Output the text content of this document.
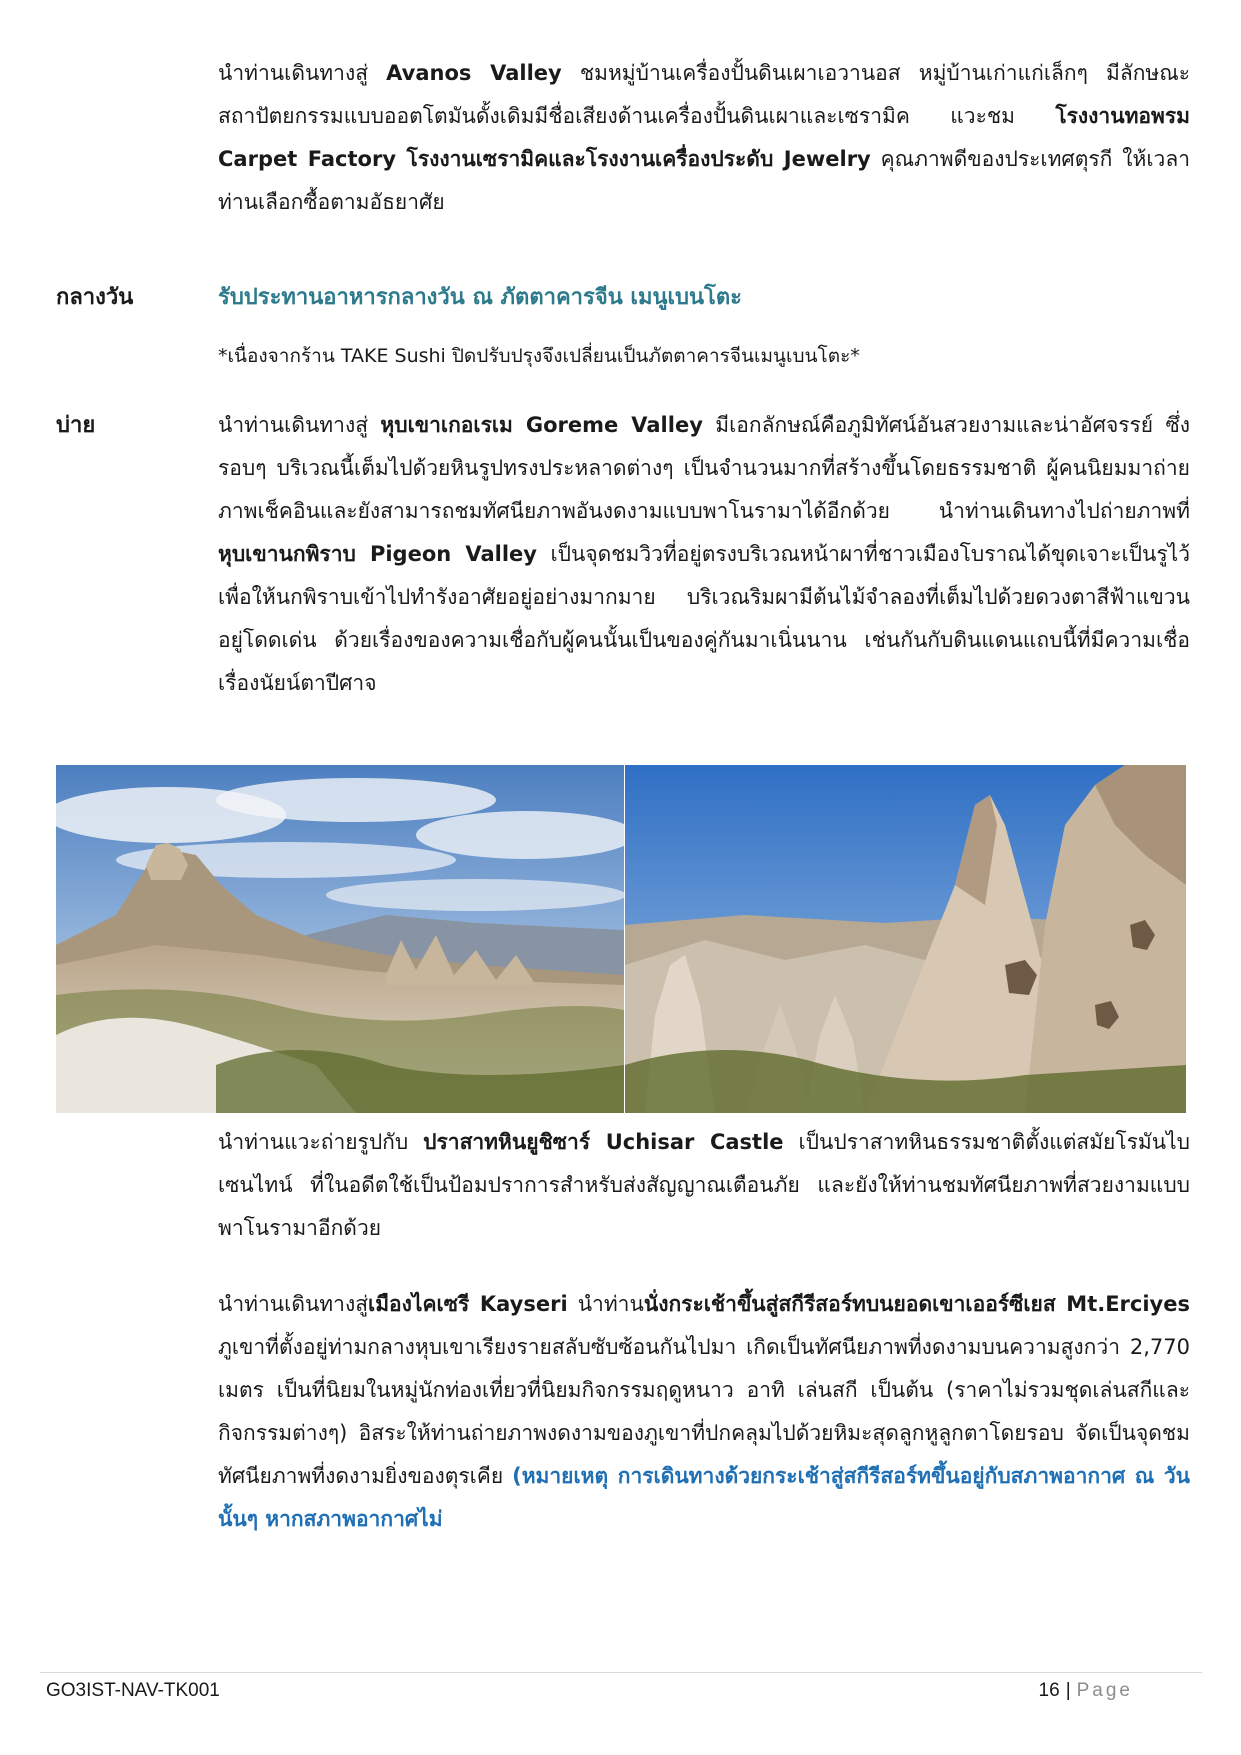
นำท่านเดินทางสู่ Avanos Valley ชมหมู่บ้านเครื่องปั้นดินเผาเอวานอส หมู่บ้านเก่าแก่เล็กๆ มีลักษณะสถาปัตยกรรมแบบออตโตมันดั้งเดิมมีชื่อเสียงด้านเครื่องปั้นดินเผาและเซรามิค แวะชม โรงงานทอพรม Carpet Factory โรงงานเซรามิคและโรงงานเครื่องประดับ Jewelry คุณภาพดีของประเทศตุรกี ให้เวลาท่านเลือกซื้อตามอัธยาศัย

กลางวัน	รับประทานอาหารกลางวัน ณ ภัตตาคารจีน เมนูเบนโตะ

*เนื่องจากร้าน TAKE Sushi ปิดปรับปรุงจึงเปลี่ยนเป็นภัตตาคารจีนเมนูเบนโตะ*

บ่าย	นำท่านเดินทางสู่ หุบเขาเกอเรเม Goreme Valley มีเอกลักษณ์คือภูมิทัศน์อันสวยงามและน่าอัศจรรย์ ซึ่งรอบๆ บริเวณนี้เต็มไปด้วยหินรูปทรงประหลาดต่างๆ เป็นจำนวนมากที่สร้างขึ้นโดยธรรมชาติ ผู้คนนิยมมาถ่ายภาพเช็คอินและยังสามารถชมทัศนียภาพอันงดงามแบบพาโนรามาได้อีกด้วย นำท่านเดินทางไปถ่ายภาพที่ หุบเขานกพิราบ Pigeon Valley เป็นจุดชมวิวที่อยู่ตรงบริเวณหน้าผาที่ชาวเมืองโบราณได้ขุดเจาะเป็นรูไว้ เพื่อให้นกพิราบเข้าไปทำรังอาศัยอยู่อย่างมากมาย บริเวณริมผามีต้นไม้จำลองที่เต็มไปด้วยดวงตาสีฟ้าแขวนอยู่โดดเด่น ด้วยเรื่องของความเชื่อกับผู้คนนั้นเป็นของคู่กันมาเนิ่นนาน เช่นกันกับดินแดนแถบนี้ที่มีความเชื่อเรื่องนัยน์ตาปีศาจ

นำท่านแวะถ่ายรูปกับ ปราสาทหินยูชิซาร์ Uchisar Castle เป็นปราสาทหินธรรมชาติตั้งแต่สมัยโรมันไบเซนไทน์ ที่ในอดีตใช้เป็นป้อมปราการสำหรับส่งสัญญาณเตือนภัย และยังให้ท่านชมทัศนียภาพที่สวยงามแบบพาโนรามาอีกด้วย

นำท่านเดินทางสู่เมืองไคเซรี Kayseri นำท่านนั่งกระเช้าขึ้นสู่สกีรีสอร์ทบนยอดเขาเออร์ซีเยส Mt.Erciyes ภูเขาที่ตั้งอยู่ท่ามกลางหุบเขาเรียงรายสลับซับซ้อนกันไปมา เกิดเป็นทัศนียภาพที่งดงามบนความสูงกว่า 2,770 เมตร เป็นที่นิยมในหมู่นักท่องเที่ยวที่นิยมกิจกรรมฤดูหนาว อาทิ เล่นสกี เป็นต้น (ราคาไม่รวมชุดเล่นสกีและกิจกรรมต่างๆ) อิสระให้ท่านถ่ายภาพงดงามของภูเขาที่ปกคลุมไปด้วยหิมะสุดลูกหูลูกตาโดยรอบ จัดเป็นจุดชมทัศนียภาพที่งดงามยิ่งของตุรเคีย (หมายเหตุ การเดินทางด้วยกระเช้าสู่สกีรีสอร์ทขึ้นอยู่กับสภาพอากาศ ณ วันนั้นๆ หากสภาพอากาศไม่

GO3IST-NAV-TK001	16 | Page
